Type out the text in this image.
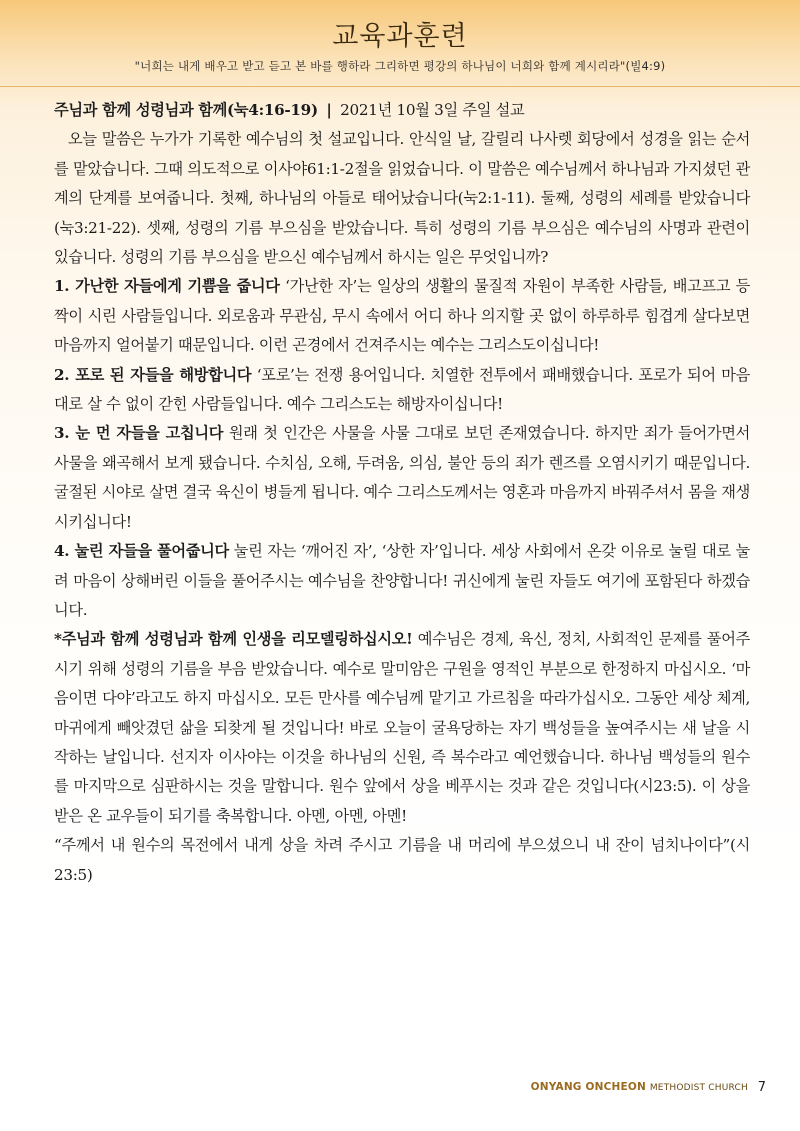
교육과훈련
"너희는 내게 배우고 받고 듣고 본 바를 행하라 그리하면 평강의 하나님이 너희와 함께 계시리라"(빌4:9)

주님과 함께 성령님과 함께(눅4:16-19) | 2021년 10월 3일 주일 설교

오늘 말씀은 누가가 기록한 예수님의 첫 설교입니다. 안식일 날, 갈릴리 나사렛 회당에서 성경을 읽는 순서를 맡았습니다. 그때 의도적으로 이사야61:1-2절을 읽었습니다. 이 말씀은 예수님께서 하나님과 가지셨던 관계의 단계를 보여줍니다. 첫째, 하나님의 아들로 태어났습니다(눅2:1-11). 둘째, 성령의 세례를 받았습니다(눅3:21-22). 셋째, 성령의 기름 부으심을 받았습니다. 특히 성령의 기름 부으심은 예수님의 사명과 관련이 있습니다. 성령의 기름 부으심을 받으신 예수님께서 하시는 일은 무엇입니까?

1. 가난한 자들에게 기쁨을 줍니다 ‘가난한 자’는 일상의 생활의 물질적 자원이 부족한 사람들, 배고프고 등짝이 시린 사람들입니다. 외로움과 무관심, 무시 속에서 어디 하나 의지할 곳 없이 하루하루 힘겹게 살다보면 마음까지 얼어붙기 때문입니다. 이런 곤경에서 건져주시는 예수는 그리스도이십니다!

2. 포로 된 자들을 해방합니다 ‘포로’는 전쟁 용어입니다. 치열한 전투에서 패배했습니다. 포로가 되어 마음대로 살 수 없이 갇힌 사람들입니다. 예수 그리스도는 해방자이십니다!

3. 눈 먼 자들을 고칩니다 원래 첫 인간은 사물을 사물 그대로 보던 존재였습니다. 하지만 죄가 들어가면서 사물을 왜곡해서 보게 됐습니다. 수치심, 오해, 두려움, 의심, 불안 등의 죄가 렌즈를 오염시키기 때문입니다. 굴절된 시야로 살면 결국 육신이 병들게 됩니다. 예수 그리스도께서는 영혼과 마음까지 바꿔주셔서 몸을 재생시키십니다!

4. 눌린 자들을 풀어줍니다 눌린 자는 ‘깨어진 자’, ‘상한 자’입니다. 세상 사회에서 온갖 이유로 눌릴 대로 눌려 마음이 상해버린 이들을 풀어주시는 예수님을 찬양합니다! 귀신에게 눌린 자들도 여기에 포함된다 하겠습니다.

*주님과 함께 성령님과 함께 인생을 리모델링하십시오! 예수님은 경제, 육신, 정치, 사회적인 문제를 풀어주시기 위해 성령의 기름을 부음 받았습니다. 예수로 말미암은 구원을 영적인 부분으로 한정하지 마십시오. ‘마음이면 다야’라고도 하지 마십시오. 모든 만사를 예수님께 맡기고 가르침을 따라가십시오. 그동안 세상 체계, 마귀에게 빼앗겼던 삶을 되찾게 될 것입니다! 바로 오늘이 굴욕당하는 자기 백성들을 높여주시는 새 날을 시작하는 날입니다. 선지자 이사야는 이것을 하나님의 신원, 즉 복수라고 예언했습니다. 하나님 백성들의 원수를 마지막으로 심판하시는 것을 말합니다. 원수 앞에서 상을 베푸시는 것과 같은 것입니다(시23:5). 이 상을 받은 온 교우들이 되기를 축복합니다. 아멘, 아멘, 아멘!

“주께서 내 원수의 목전에서 내게 상을 차려 주시고 기름을 내 머리에 부으셨으니 내 잔이 넘치나이다”(시23:5)

ONYANG ONCHEON METHODIST CHURCH 7
